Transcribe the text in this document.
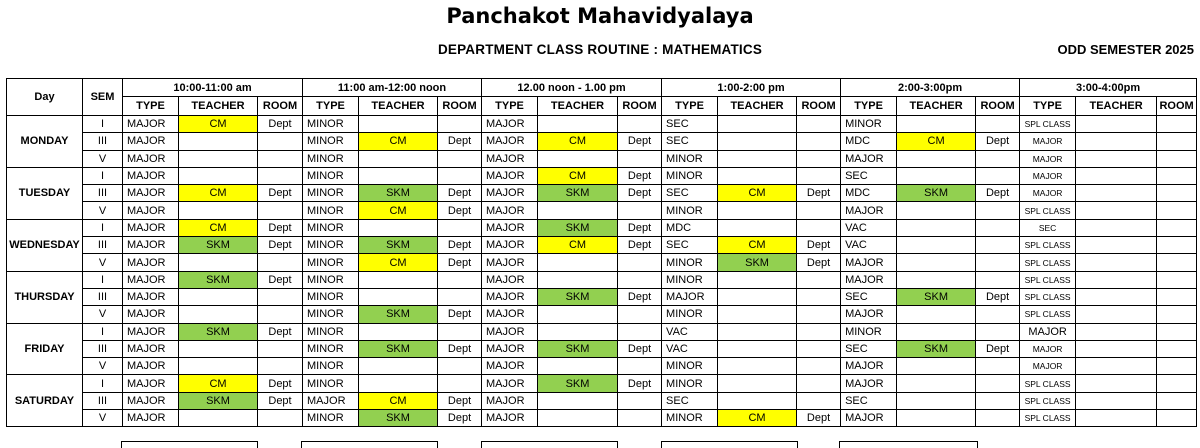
Panchakot Mahavidyalaya
DEPARTMENT CLASS ROUTINE : MATHEMATICS	ODD SEMESTER 2025
Day	SEM	10:00-11:00 am			11:00 am-12:00 noon			12.00 noon - 1.00 pm			1:00-2:00 pm			2:00-3:00pm			3:00-4:00pm		
		TYPE	TEACHER	ROOM	TYPE	TEACHER	ROOM	TYPE	TEACHER	ROOM	TYPE	TEACHER	ROOM	TYPE	TEACHER	ROOM	TYPE	TEACHER	ROOM
MONDAY	I	MAJOR	CM	Dept	MINOR			MAJOR			SEC			MINOR			SPL CLASS		
	III	MAJOR			MINOR	CM	Dept	MAJOR	CM	Dept	SEC			MDC	CM	Dept	MAJOR		
	V	MAJOR			MINOR			MAJOR			MINOR			MAJOR			MAJOR		
TUESDAY	I	MAJOR			MINOR			MAJOR	CM	Dept	MINOR			SEC			MAJOR		
	III	MAJOR	CM	Dept	MINOR	SKM	Dept	MAJOR	SKM	Dept	SEC	CM	Dept	MDC	SKM	Dept	MAJOR		
	V	MAJOR			MINOR	CM	Dept	MAJOR			MINOR			MAJOR			SPL CLASS		
WEDNESDAY	I	MAJOR	CM	Dept	MINOR			MAJOR	SKM	Dept	MDC			VAC			SEC		
	III	MAJOR	SKM	Dept	MINOR	SKM	Dept	MAJOR	CM	Dept	SEC	CM	Dept	VAC			SPL CLASS		
	V	MAJOR			MINOR	CM	Dept	MAJOR			MINOR	SKM	Dept	MAJOR			SPL CLASS		
THURSDAY	I	MAJOR	SKM	Dept	MINOR			MAJOR			MINOR			MAJOR			SPL CLASS		
	III	MAJOR			MINOR			MAJOR	SKM	Dept	MAJOR			SEC	SKM	Dept	SPL CLASS		
	V	MAJOR			MINOR	SKM	Dept	MAJOR			MINOR			MAJOR			SPL CLASS		
FRIDAY	I	MAJOR	SKM	Dept	MINOR			MAJOR			VAC			MINOR			MAJOR		
	III	MAJOR			MINOR	SKM	Dept	MAJOR	SKM	Dept	VAC			SEC	SKM	Dept	MAJOR		
	V	MAJOR			MINOR			MAJOR			MINOR			MAJOR			MAJOR		
SATURDAY	I	MAJOR	CM	Dept	MINOR			MAJOR	SKM	Dept	MINOR			MAJOR			SPL CLASS		
	III	MAJOR	SKM	Dept	MAJOR	CM	Dept	MAJOR			SEC			SEC			SPL CLASS		
	V	MAJOR			MINOR	SKM	Dept	MAJOR			MINOR	CM	Dept	MAJOR			SPL CLASS		
